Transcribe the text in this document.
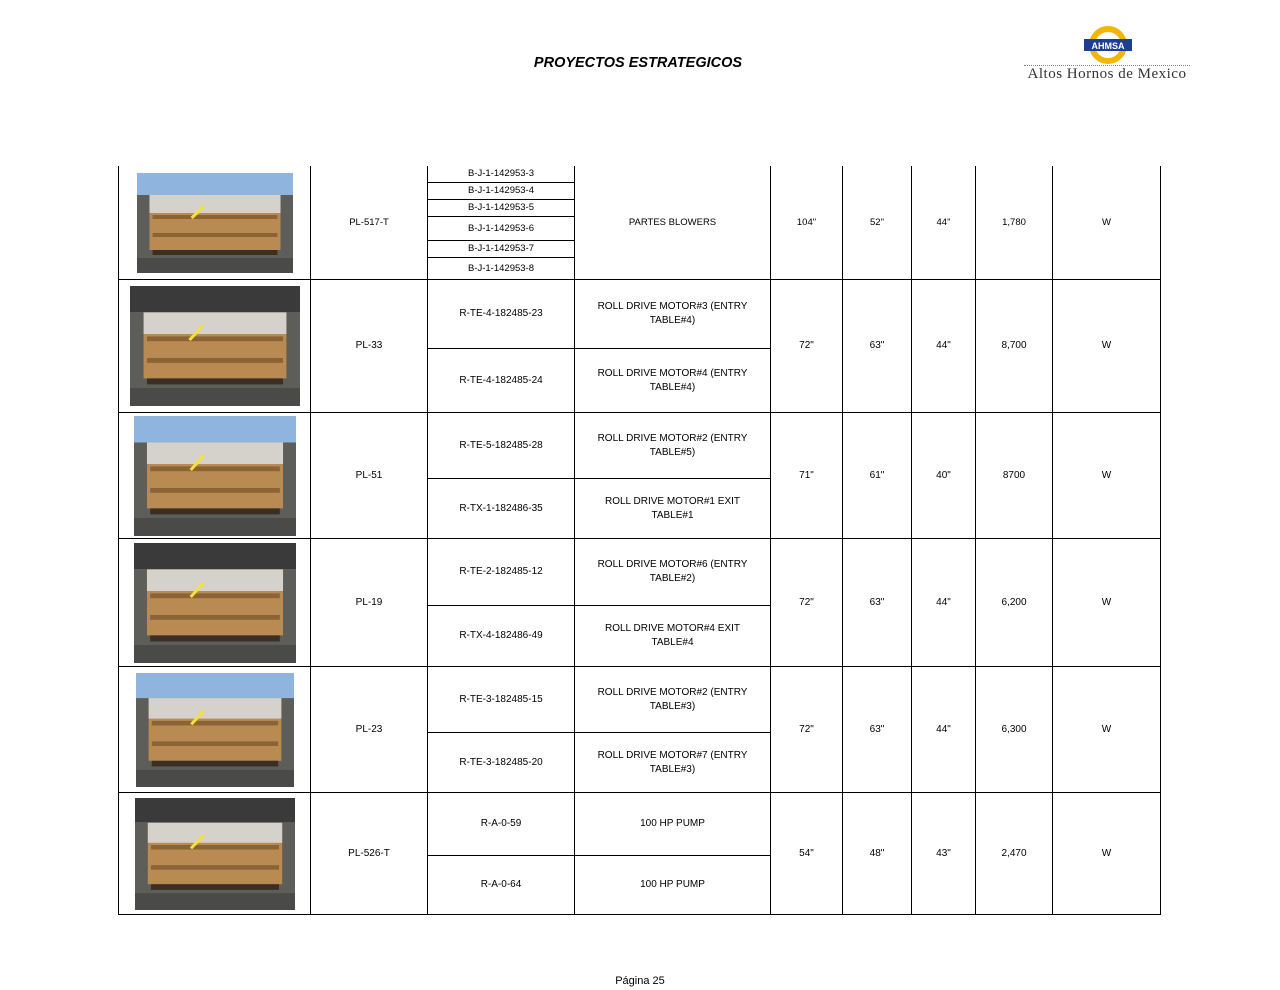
PROYECTOS ESTRATEGICOS
AHMSA
Altos Hornos de Mexico
	PL-517-T	B-J-1-142953-3	PARTES BLOWERS	104"	52"	44"	1,780	W
		B-J-1-142953-4						
		B-J-1-142953-5						
		B-J-1-142953-6						
		B-J-1-142953-7						
		B-J-1-142953-8						

	PL-33	R-TE-4-182485-23	ROLL DRIVE MOTOR#3 (ENTRY TABLE#4)	72"	63"	44"	8,700	W
		R-TE-4-182485-24	ROLL DRIVE MOTOR#4 (ENTRY TABLE#4)					

	PL-51	R-TE-5-182485-28	ROLL DRIVE MOTOR#2 (ENTRY TABLE#5)	71"	61"	40"	8700	W
		R-TX-1-182486-35	ROLL DRIVE MOTOR#1 EXIT TABLE#1					

	PL-19	R-TE-2-182485-12	ROLL DRIVE MOTOR#6 (ENTRY TABLE#2)	72"	63"	44"	6,200	W
		R-TX-4-182486-49	ROLL DRIVE MOTOR#4 EXIT TABLE#4					

	PL-23	R-TE-3-182485-15	ROLL DRIVE MOTOR#2 (ENTRY TABLE#3)	72"	63"	44"	6,300	W
		R-TE-3-182485-20	ROLL DRIVE MOTOR#7 (ENTRY TABLE#3)					

	PL-526-T	R-A-0-59	100 HP PUMP	54"	48"	43"	2,470	W
		R-A-0-64	100 HP PUMP					
Página 25
